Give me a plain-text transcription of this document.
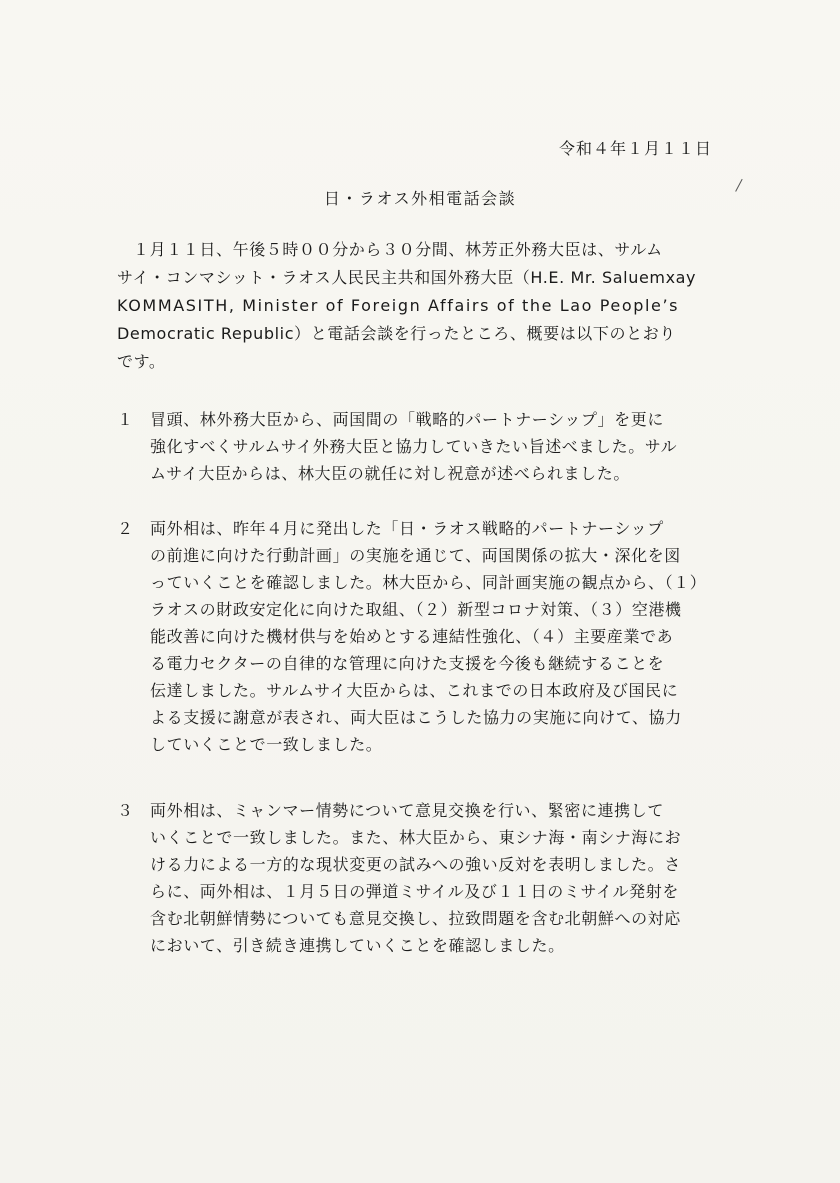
令和４年１月１１日
日・ラオス外相電話会談
１月１１日、午後５時００分から３０分間、林芳正外務大臣は、サルム
サイ・コンマシット・ラオス人民民主共和国外務大臣（H.E. Mr. Saluemxay
KOMMASITH, Minister of Foreign Affairs of the Lao People’s
Democratic Republic）と電話会談を行ったところ、概要は以下のとおり
です。
１	冒頭、林外務大臣から、両国間の「戦略的パートナーシップ」を更に
強化すべくサルムサイ外務大臣と協力していきたい旨述べました。サル
ムサイ大臣からは、林大臣の就任に対し祝意が述べられました。
２	両外相は、昨年４月に発出した「日・ラオス戦略的パートナーシップ
の前進に向けた行動計画」の実施を通じて、両国関係の拡大・深化を図
っていくことを確認しました。林大臣から、同計画実施の観点から、（１）
ラオスの財政安定化に向けた取組、（２）新型コロナ対策、（３）空港機
能改善に向けた機材供与を始めとする連結性強化、（４）主要産業であ
る電力セクターの自律的な管理に向けた支援を今後も継続することを
伝達しました。サルムサイ大臣からは、これまでの日本政府及び国民に
よる支援に謝意が表され、両大臣はこうした協力の実施に向けて、協力
していくことで一致しました。
３	両外相は、ミャンマー情勢について意見交換を行い、緊密に連携して
いくことで一致しました。また、林大臣から、東シナ海・南シナ海にお
ける力による一方的な現状変更の試みへの強い反対を表明しました。さ
らに、両外相は、１月５日の弾道ミサイル及び１１日のミサイル発射を
含む北朝鮮情勢についても意見交換し、拉致問題を含む北朝鮮への対応
において、引き続き連携していくことを確認しました。
